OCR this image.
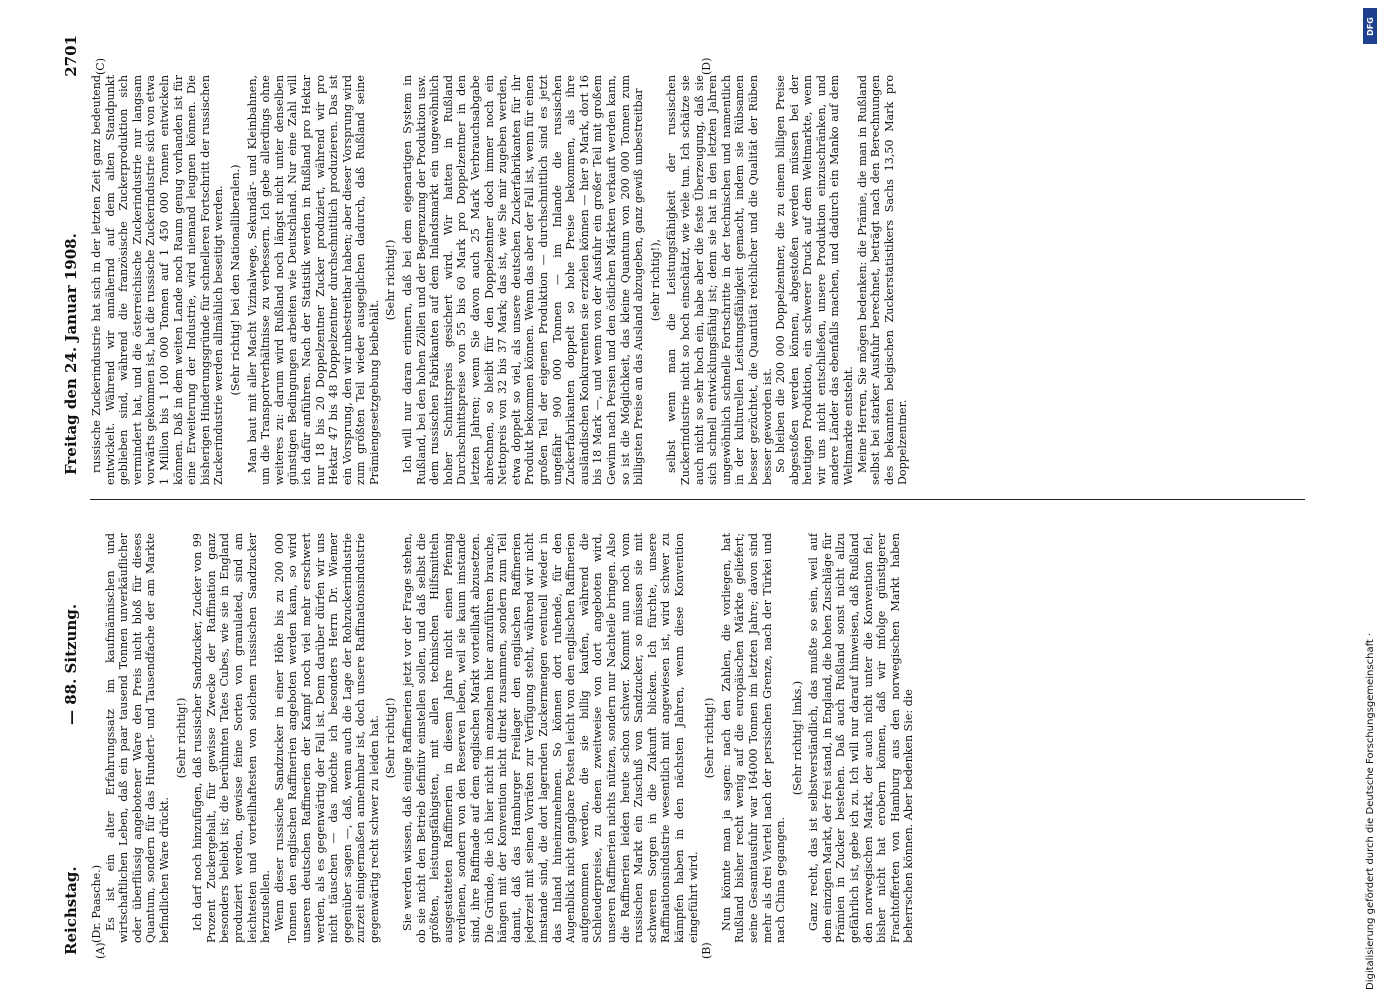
Reichstag.
— 88. Sitzung.
Freitag den 24. Januar 1908.
2701
(A)	(B)
(C)	(D)

(Dr. Paasche.) Es ist ein alter Erfahrungssatz im kaufmännischen und wirtschaftlichen Leben, daß ein paar tausend Tonnen unverkäuflicher oder überflüssig angebotener Ware den Preis nicht bloß für dieses Quantum, sondern für das Hundert- und Tausendfache der am Markte befindlichen Ware drückt.

(Sehr richtig!) Ich darf noch hinzufügen, daß russischer Sandzucker, Zucker von 99 Prozent Zuckergehalt, für gewisse Zwecke der Raffination ganz besonders beliebt ist; die berühmten Tates Cubes, wie sie in England produziert werden, gewisse feine Sorten von granulated, sind am leichtesten und vorteilhaftesten von solchem russischen Sandzucker herzustellen. Wenn dieser russische Sandzucker in einer Höhe bis zu 200 000 Tonnen den englischen Raffinerien angeboten werden kann, so wird unseren deutschen Raffinerien der Kampf noch viel mehr erschwert werden, als es gegenwärtig der Fall ist. Denn darüber dürfen wir uns nicht täuschen — das möchte ich besonders Herrn Dr. Wiemer gegenüber sagen —, daß, wenn auch die Lage der Rohzuckerindustrie zurzeit einigermaßen annehmbar ist, doch unsere Raffinationsindustrie gegenwärtig recht schwer zu leiden hat. (Sehr richtig!) Sie werden wissen, daß einige Raffinerien jetzt vor der Frage stehen, ob sie nicht den Betrieb definitiv einstellen sollen, und daß selbst die größten, leistungsfähigsten, mit allen technischen Hilfsmitteln ausgestatteten Raffinerien in diesem Jahre nicht einen Pfennig verdienen, sondern von den Reserven leben, weil sie kaum imstande sind, ihre Raffinade auf dem englischen Markt vorteilhaft abzusetzen. Die Gründe, die ich hier nicht im einzelnen hier anzuführen brauche, hängen mit der Konvention nicht direkt zusammen, sondern zum Teil damit, daß das Hamburger Freilager den englischen Raffinerien jederzeit mit seinen Vorräten zur Verfügung steht, während wir nicht imstande sind, die dort lagernden Zuckermengen eventuell wieder in das Inland hineinzunehmen. So können dort ruhende, für den Augenblick nicht gangbare Posten leicht von den englischen Raffinerien aufgenommen werden, die sie billig kaufen, während die Schleuderpreise, zu denen zweitweise von dort angeboten wird, unseren Raffinerien nichts nützen, sondern nur Nachteile bringen. Also die Raffinerien leiden heute schon schwer. Kommt nun noch vom russischen Markt ein Zuschuß von Sandzucker, so müssen sie mit schweren Sorgen in die Zukunft blicken. Ich fürchte, unsere Raffinationsindustrie wesentlich mit angewiesen ist, wird schwer zu kämpfen haben in den nächsten Jahren, wenn diese Konvention eingeführt wird.

(Sehr richtig!) Nun könnte man ja sagen: nach den Zahlen, die vorliegen, hat Rußland bisher recht wenig auf die europäischen Märkte geliefert; seine Gesamtausfuhr war 164000 Tonnen im letzten Jahre; davon sind mehr als drei Viertel nach der persischen Grenze, nach der Türkei und nach China gegangen.

(Sehr richtig! links.) Ganz recht, das ist selbstverständlich, das mußte so sein, weil auf dem einzigen Markt, der frei stand, in England, die hohen Zuschläge für Prämien in Zucker bestehen. Daß auch Rußland sonst nicht allzu gefährlich ist, gebe ich zu. Ich will nur darauf hinweisen, daß Rußland den norwegischen Markt, der auch nicht unter die Konvention fiel, bisher nicht hat erobern können, daß wir infolge günstigerer Frachtofferten von Hamburg aus den norwegischen Markt haben beherrschen können. Aber bedenken Sie: die

russische Zuckerindustrie hat sich in der letzten Zeit ganz bedeutend entwickelt. Während wir annähernd auf dem alten Standpunkt geblieben sind, während die französische Zuckerproduktion sich vermindert hat, und die österreichische Zuckerindustrie nur langsam vorwärts gekommen ist, hat die russische Zuckerindustrie sich von etwa 1 Million bis 1 100 000 Tonnen auf 1 450 000 Tonnen entwickeln können. Daß in dem weiten Lande noch Raum genug vorhanden ist für eine Erweiterung der Industrie, wird niemand leugnen können. Die bisherigen Hinderungsgründe für schnelleren Fortschritt der russischen Zuckerindustrie werden allmählich beseitigt werden. (Sehr richtig! bei den Nationalliberalen.) Man baut mit aller Macht Vizinalwege, Sekundär- und Kleinbahnen, um die Transportverhältnisse zu verbessern. Ich gebe allerdings ohne weiteres zu: darum wird Rußland noch längst nicht unter denselben günstigen Bedingungen arbeiten wie Deutschland. Nur eine Zahl will ich dafür anführen. Nach der Statistik werden in Rußland pro Hektar nur 18 bis 20 Doppelzentner Zucker produziert, während wir pro Hektar 47 bis 48 Doppelzentner durchschnittlich produzieren. Das ist ein Vorsprung, den wir unbestreitbar haben; aber dieser Vorsprung wird zum größten Teil wieder ausgeglichen dadurch, daß Rußland seine Prämiengesetzgebung beibehält.

(Sehr richtig!) Ich will nur daran erinnern, daß bei dem eigenartigen System in Rußland, bei den hohen Zöllen und der Begrenzung der Produktion usw. dem russischen Fabrikanten auf dem Inlandsmarkt ein ungewöhnlich hoher Schnittspreis gesichert wird. Wir hatten in Rußland Durchschnittspreise von 55 bis 60 Mark pro Doppelzentner in den letzten Jahren; wenn Sie davon auch 25 Mark Verbrauchsabgabe abrechnen, so bleibt für den Doppelzentner doch immer noch ein Nettopreis von 32 bis 37 Mark; das ist, wie Sie mir zugeben werden, etwa doppelt so viel, als unsere deutschen Zuckerfabrikanten für ihr Produkt bekommen können. Wenn das aber der Fall ist, wenn für einen großen Teil der eigenen Produktion — durchschnittlich sind es jetzt ungefähr 900 000 Tonnen — im Inlande die russischen Zuckerfabrikanten doppelt so hohe Preise bekommen, als ihre ausländischen Konkurrenten sie erzielen können — hier 9 Mark, dort 16 bis 18 Mark —, und wenn von der Ausfuhr ein großer Teil mit großem Gewinn nach Persien und den östlichen Märkten verkauft werden kann, so ist die Möglichkeit, das kleine Quantum von 200 000 Tonnen zum billigsten Preise an das Ausland abzugeben, ganz gewiß unbestreitbar (sehr richtig!), selbst wenn man die Leistungsfähigkeit der russischen Zuckerindustrie nicht so hoch einschätzt, wie viele tun. Ich schätze sie auch nicht so sehr hoch ein, habe aber die feste Überzeugung, daß sie sich schnell entwicklungsfähig ist; denn sie hat in den letzten Jahren ungewöhnlich schnelle Fortschritte in der technischen und namentlich in der kulturellen Leistungsfähigkeit gemacht, indem sie Rübsamen besser gezüchtet, die Quantität reichlicher und die Qualität der Rüben besser geworden ist. So bleiben die 200 000 Doppelzentner, die zu einem billigen Preise abgestoßen werden können, abgestoßen werden müssen bei der heutigen Produktion, ein schwerer Druck auf dem Weltmarkte, wenn wir uns nicht entschließen, unsere Produktion einzuschränken, und andere Länder das ebenfalls machen, und dadurch ein Manko auf dem Weltmarkte entsteht. Meine Herren, Sie mögen bedenken: die Prämie, die man in Rußland selbst bei starker Ausfuhr berechnet, beträgt nach den Berechnungen des bekannten belgischen Zuckerstatistikers Sachs 13,50 Mark pro Doppelzentner.

DFG
Digitalisierung gefördert durch die Deutsche Forschungsgemeinschaft ·
